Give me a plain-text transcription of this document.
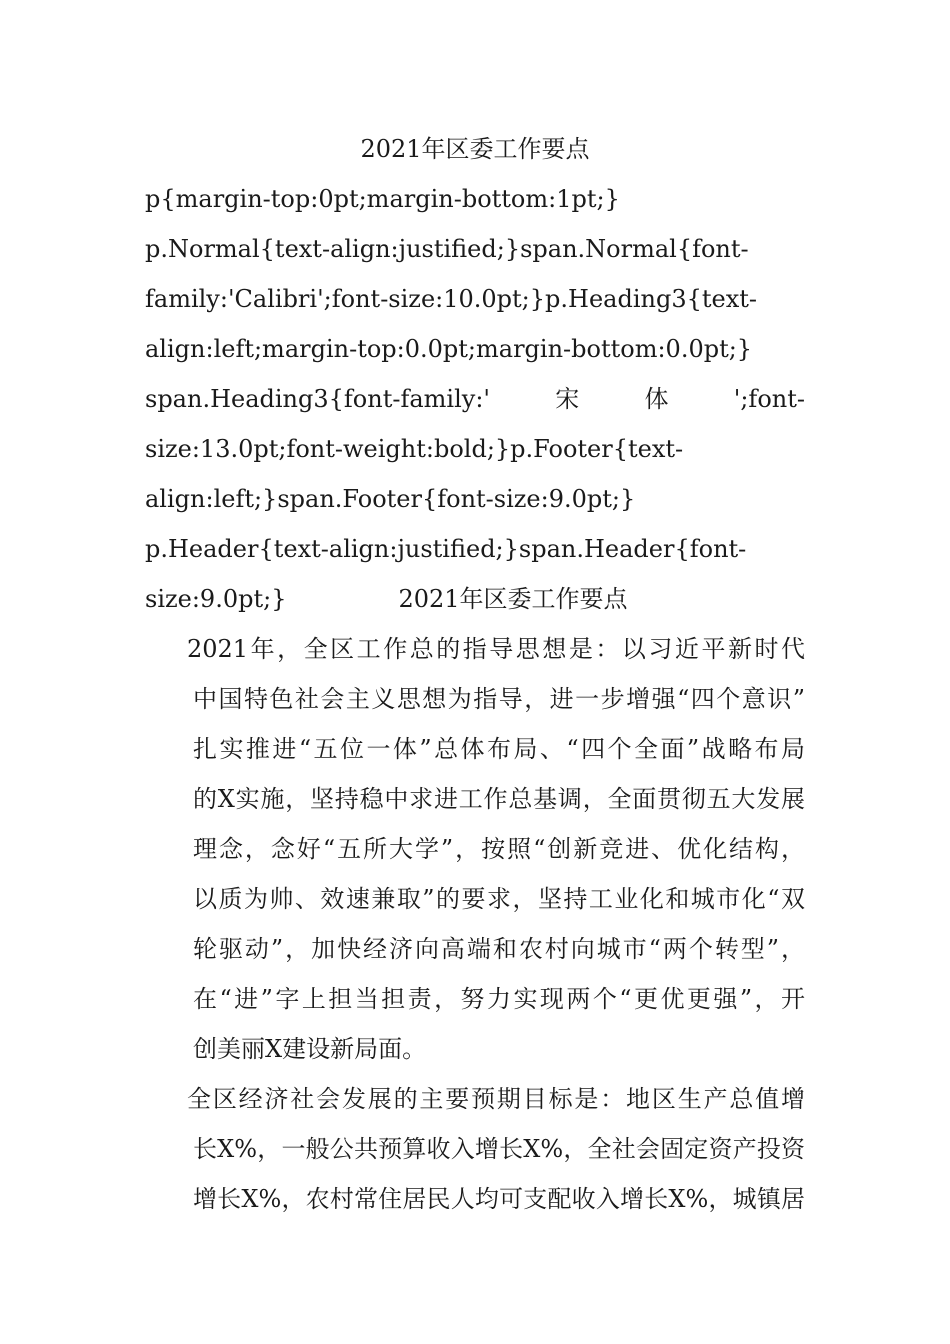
2021年区委工作要点

p{margin-top:0pt;margin-bottom:1pt;}
p.Normal{text-align:justified;}span.Normal{font-
family:'Calibri';font-size:10.0pt;}p.Heading3{text-
align:left;margin-top:0.0pt;margin-bottom:0.0pt;}
span.Heading3{font-family:'	宋	体	';font-
size:13.0pt;font-weight:bold;}p.Footer{text-
align:left;}span.Footer{font-size:9.0pt;}
p.Header{text-align:justified;}span.Header{font-
size:9.0pt;}	2021年区委工作要点
2021年，全区工作总的指导思想是：以习近平新时代
中国特色社会主义思想为指导，进一步增强“四个意识”
扎实推进“五位一体”总体布局、“四个全面”战略布局
的X实施，坚持稳中求进工作总基调，全面贯彻五大发展
理念，念好“五所大学”，按照“创新竞进、优化结构，
以质为帅、效速兼取”的要求，坚持工业化和城市化“双
轮驱动”，加快经济向高端和农村向城市“两个转型”，
在“进”字上担当担责，努力实现两个“更优更强”，开
创美丽X建设新局面。
全区经济社会发展的主要预期目标是：地区生产总值增
长X%，一般公共预算收入增长X%，全社会固定资产投资
增长X%，农村常住居民人均可支配收入增长X%，城镇居
